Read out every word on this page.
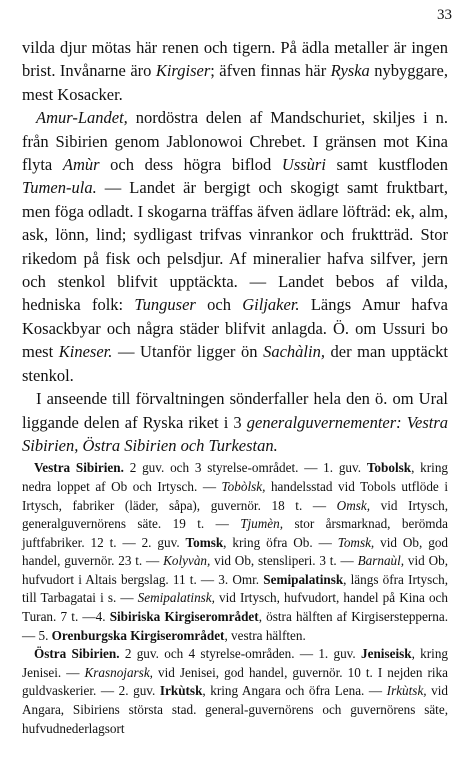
33

vilda djur mötas här renen och tigern. På ädla metaller är ingen brist. Invånarne äro Kirgiser; äfven finnas här Ryska nybyggare, mest Kosacker.

Amur-Landet, nordöstra delen af Mandschuriet, skiljes i n. från Sibirien genom Jablonowoi Chrebet. I gränsen mot Kina flyta Amùr och dess högra biflod Ussùri samt kustfloden Tumen-ula. — Landet är bergigt och skogigt samt fruktbart, men föga odladt. I skogarna träffas äfven ädlare löfträd: ek, alm, ask, lönn, lind; sydligast trifvas vinrankor och fruktträd. Stor rikedom på fisk och pelsdjur. Af mineralier hafva silfver, jern och stenkol blifvit upptäckta. — Landet bebos af vilda, hedniska folk: Tunguser och Giljaker. Längs Amur hafva Kosackbyar och några städer blifvit anlagda. Ö. om Ussuri bo mest Kineser. — Utanför ligger ön Sachàlin, der man upptäckt stenkol.

I anseende till förvaltningen sönderfaller hela den ö. om Ural liggande delen af Ryska riket i 3 generalguvernementer: Vestra Sibirien, Östra Sibirien och Turkestan.

Vestra Sibirien. 2 guv. och 3 styrelse-området. — 1. guv. Tobolsk, kring nedra loppet af Ob och Irtysch. — Tobòlsk, handelsstad vid Tobols utflöde i Irtysch, fabriker (läder, såpa), guvernör. 18 t. — Omsk, vid Irtysch, generalguvernörens säte. 19 t. — Tjumèn, stor årsmarknad, berömda juftfabriker. 12 t. — 2. guv. Tomsk, kring öfra Ob. — Tomsk, vid Ob, god handel, guvernör. 23 t. — Kolyvàn, vid Ob, stensliperi. 3 t. — Barnaùl, vid Ob, hufvudort i Altais bergslag. 11 t. — 3. Omr. Semipalatinsk, längs öfra Irtysch, till Tarbagatai i s. — Semipalatinsk, vid Irtysch, hufvudort, handel på Kina och Turan. 7 t. —4. Sibiriska Kirgiserområdet, östra hälften af Kirgiserstepperna. — 5. Orenburgska Kirgiserområdet, vestra hälften.

Östra Sibirien. 2 guv. och 4 styrelse-områden. — 1. guv. Jeniseisk, kring Jenisei. — Krasnojarsk, vid Jenisei, god handel, guvernör. 10 t. I nejden rika guldvaskerier. — 2. guv. Irkùtsk, kring Angara och öfra Lena. — Irkùtsk, vid Angara, Sibiriens största stad. general-guvernörens och guvernörens säte, hufvudnederlagsort
